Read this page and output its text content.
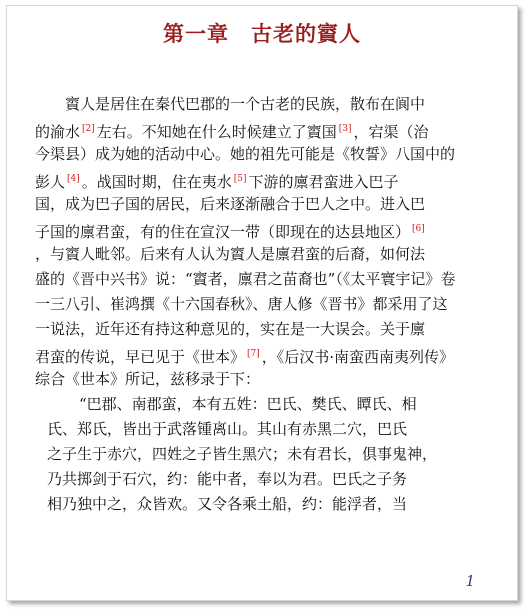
第一章　古老的賨人
賨人是居住在秦代巴郡的一个古老的民族，散布在阆中
的渝水 [2] 左右。不知她在什么时候建立了賨国 [3] ，宕渠（治
今渠县）成为她的活动中心。她的祖先可能是《牧誓》八国中的
彭人 [4] 。战国时期，住在夷水 [5] 下游的廪君蛮进入巴子
国，成为巴子国的居民，后来逐渐融合于巴人之中。进入巴
子国的廪君蛮，有的住在宣汉一带（即现在的达县地区） [6]
，与賨人毗邻。后来有人认为賨人是廪君蛮的后裔，如何法
盛的《晋中兴书》说：“賨者，廪君之苗裔也”（《太平寰宇记》卷
一三八引、崔鸿撰《十六国春秋》、唐人修《晋书》都采用了这
一说法，近年还有持这种意见的，实在是一大误会。关于廪
君蛮的传说，早已见于《世本》 [7] ，《后汉书·南蛮西南夷列传》
综合《世本》所记，兹移录于下：
“巴郡、南郡蛮，本有五姓：巴氏、樊氏、瞫氏、相
氏、郑氏，皆出于武落锺离山。其山有赤黑二穴，巴氏
之子生于赤穴，四姓之子皆生黑穴；未有君长，俱事鬼神，
乃共掷剑于石穴，约：能中者，奉以为君。巴氏之子务
相乃独中之，众皆欢。又令各乘土船，约：能浮者，当
1
